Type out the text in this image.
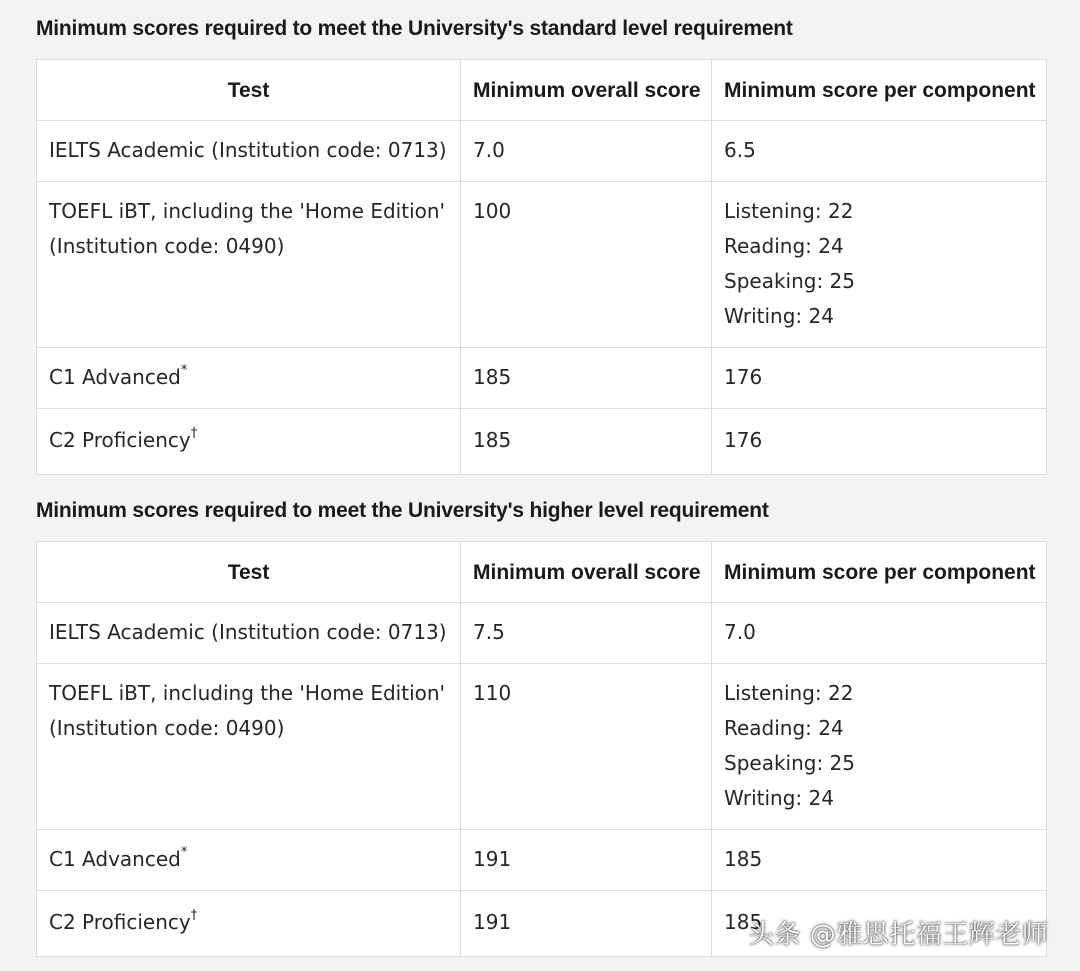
Minimum scores required to meet the University's standard level requirement
Test	Minimum overall score	Minimum score per component
IELTS Academic (Institution code: 0713)	7.0	6.5

TOEFL iBT, including the 'Home Edition'
(Institution code: 0490)	100	Listening: 22
Reading: 24
Speaking: 25
Writing: 24

C1 Advanced*	185	176
C2 Proficiency†	185	176
Minimum scores required to meet the University's higher level requirement
Test	Minimum overall score	Minimum score per component
IELTS Academic (Institution code: 0713)	7.5	7.0

TOEFL iBT, including the 'Home Edition'
(Institution code: 0490)	110	Listening: 22
Reading: 24
Speaking: 25
Writing: 24

C1 Advanced*	191	185
C2 Proficiency†	191	185
头条 @雅思托福王辉老师
